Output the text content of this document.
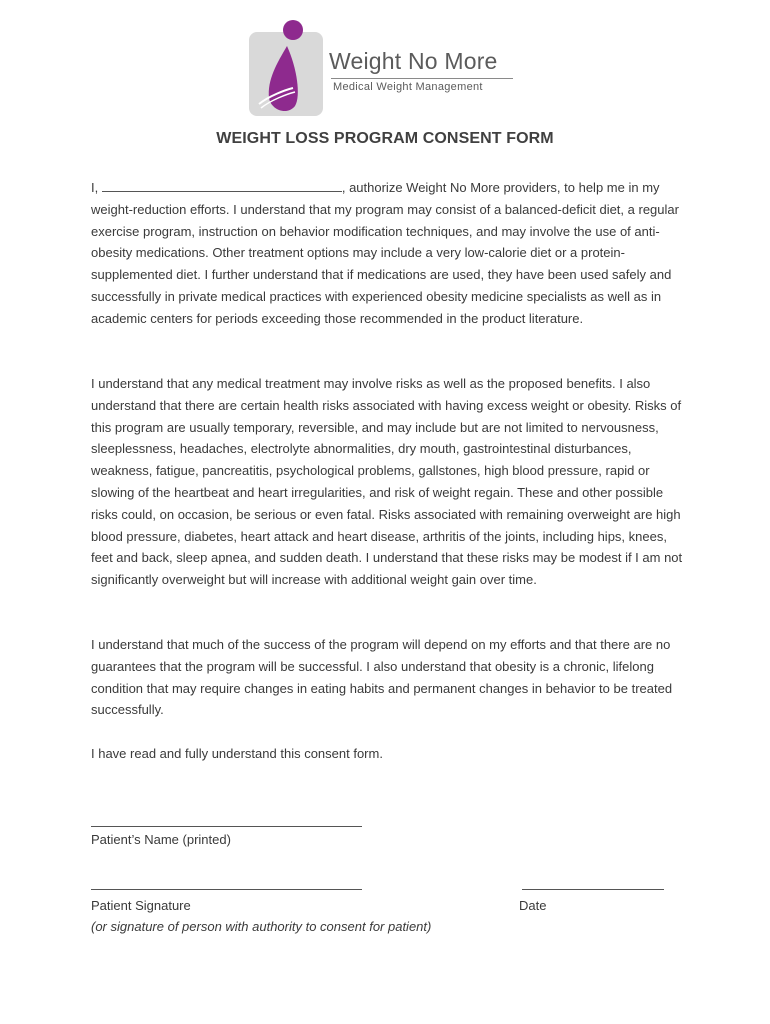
Weight No More
Medical Weight Management
WEIGHT LOSS PROGRAM CONSENT FORM

I,	, authorize Weight No More providers, to help me in my weight-reduction efforts. I understand that my program may consist of a balanced-deficit diet, a regular exercise program, instruction on behavior modification techniques, and may involve the use of anti-obesity medications. Other treatment options may include a very low-calorie diet or a protein-supplemented diet. I further understand that if medications are used, they have been used safely and successfully in private medical practices with experienced obesity medicine specialists as well as in academic centers for periods exceeding those recommended in the product literature.

I understand that any medical treatment may involve risks as well as the proposed benefits. I also understand that there are certain health risks associated with having excess weight or obesity. Risks of this program are usually temporary, reversible, and may include but are not limited to nervousness, sleeplessness, headaches, electrolyte abnormalities, dry mouth, gastrointestinal disturbances, weakness, fatigue, pancreatitis, psychological problems, gallstones, high blood pressure, rapid or slowing of the heartbeat and heart irregularities, and risk of weight regain. These and other possible risks could, on occasion, be serious or even fatal. Risks associated with remaining overweight are high blood pressure, diabetes, heart attack and heart disease, arthritis of the joints, including hips, knees, feet and back, sleep apnea, and sudden death. I understand that these risks may be modest if I am not significantly overweight but will increase with additional weight gain over time.

I understand that much of the success of the program will depend on my efforts and that there are no guarantees that the program will be successful. I also understand that obesity is a chronic, lifelong condition that may require changes in eating habits and permanent changes in behavior to be treated successfully.

I have read and fully understand this consent form.

Patient’s Name (printed)
Patient Signature	Date
(or signature of person with authority to consent for patient)
